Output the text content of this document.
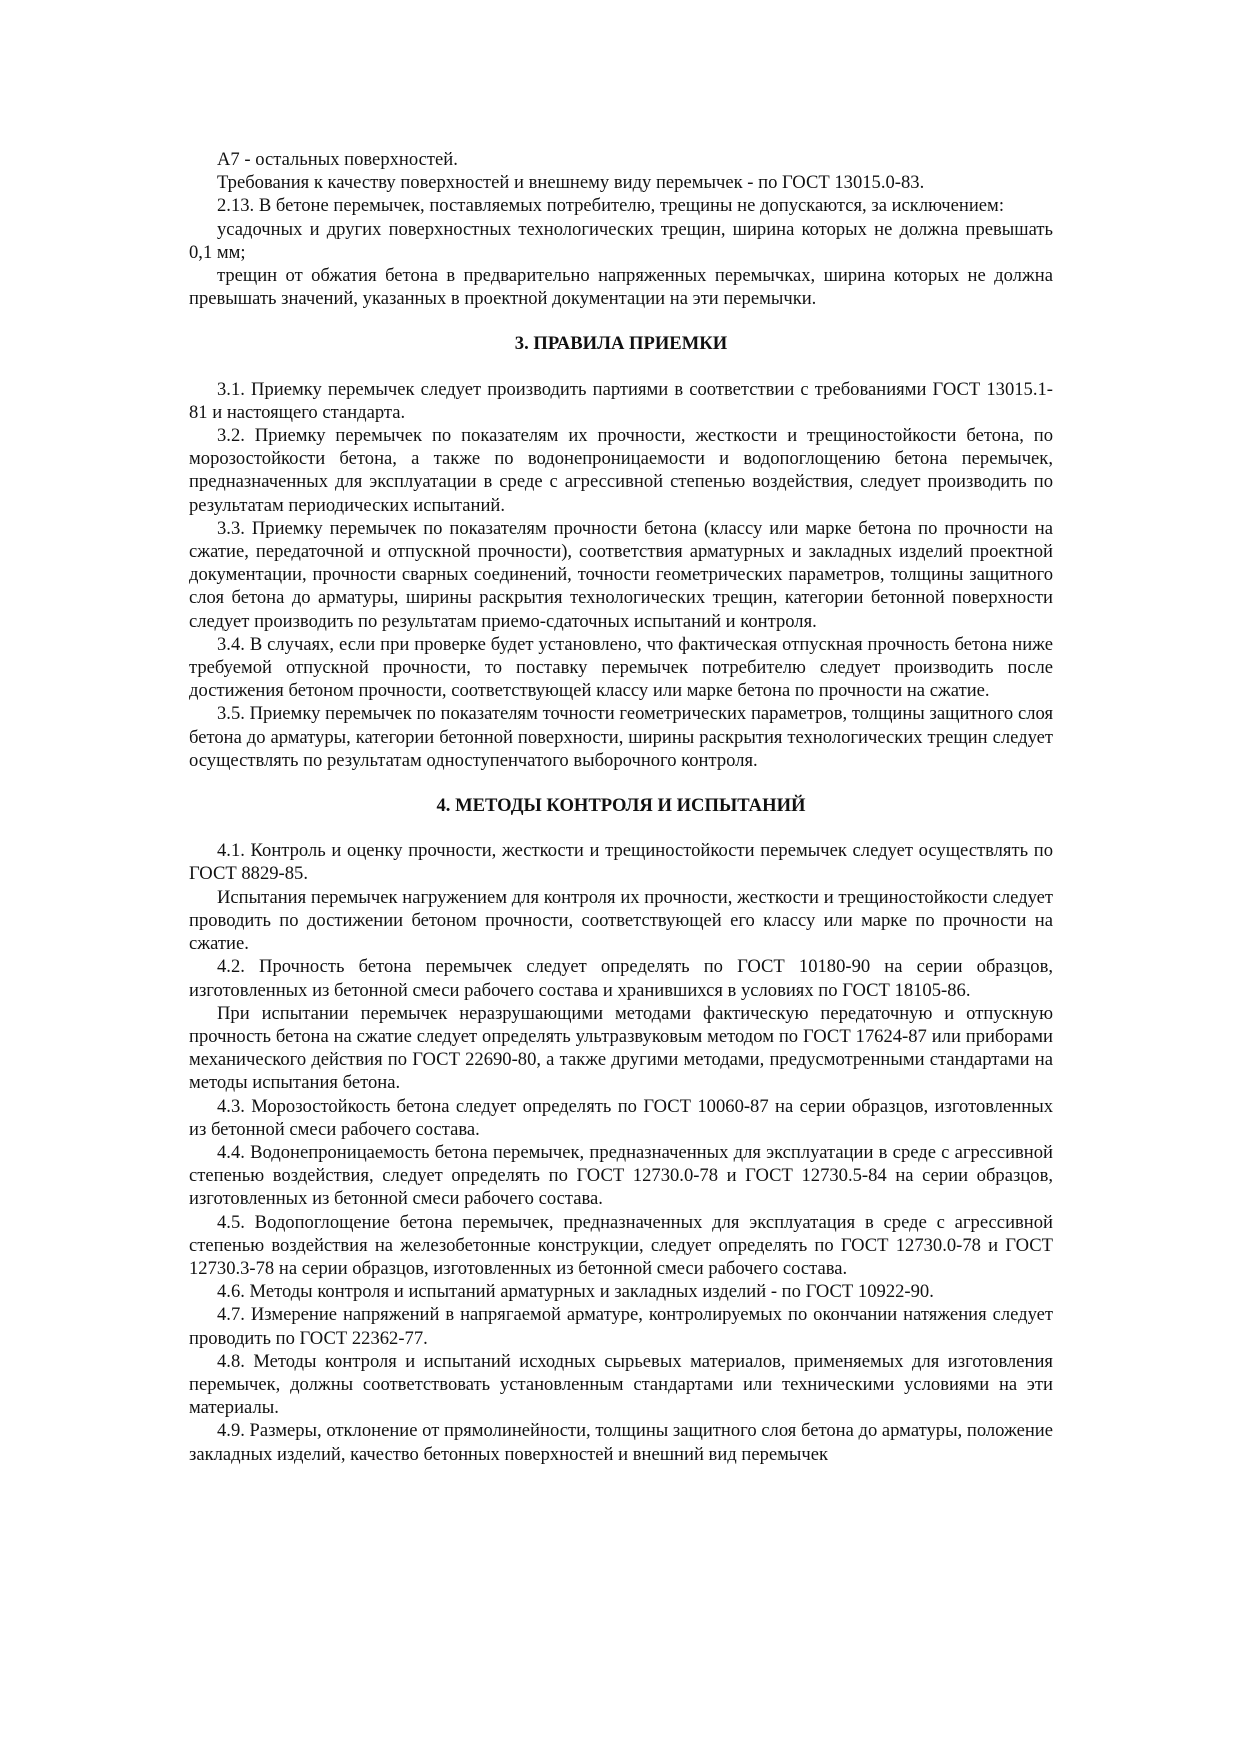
А7 - остальных поверхностей.

Требования к качеству поверхностей и внешнему виду перемычек - по ГОСТ 13015.0-83.

2.13. В бетоне перемычек, поставляемых потребителю, трещины не допускаются, за исключением:

усадочных и других поверхностных технологических трещин, ширина которых не должна превышать 0,1 мм;

трещин от обжатия бетона в предварительно напряженных перемычках, ширина которых не должна превышать значений, указанных в проектной документации на эти перемычки.

3. ПРАВИЛА ПРИЕМКИ

3.1. Приемку перемычек следует производить партиями в соответствии с требованиями ГОСТ 13015.1-81 и настоящего стандарта.

3.2. Приемку перемычек по показателям их прочности, жесткости и трещиностойкости бетона, по морозостойкости бетона, а также по водонепроницаемости и водопоглощению бетона перемычек, предназначенных для эксплуатации в среде с агрессивной степенью воздействия, следует производить по результатам периодических испытаний.

3.3. Приемку перемычек по показателям прочности бетона (классу или марке бетона по прочности на сжатие, передаточной и отпускной прочности), соответствия арматурных и закладных изделий проектной документации, прочности сварных соединений, точности геометрических параметров, толщины защитного слоя бетона до арматуры, ширины раскрытия технологических трещин, категории бетонной поверхности следует производить по результатам приемо-сдаточных испытаний и контроля.

3.4. В случаях, если при проверке будет установлено, что фактическая отпускная прочность бетона ниже требуемой отпускной прочности, то поставку перемычек потребителю следует производить после достижения бетоном прочности, соответствующей классу или марке бетона по прочности на сжатие.

3.5. Приемку перемычек по показателям точности геометрических параметров, толщины защитного слоя бетона до арматуры, категории бетонной поверхности, ширины раскрытия технологических трещин следует осуществлять по результатам одноступенчатого выборочного контроля.

4. МЕТОДЫ КОНТРОЛЯ И ИСПЫТАНИЙ

4.1. Контроль и оценку прочности, жесткости и трещиностойкости перемычек следует осуществлять по ГОСТ 8829-85.

Испытания перемычек нагружением для контроля их прочности, жесткости и трещиностойкости следует проводить по достижении бетоном прочности, соответствующей его классу или марке по прочности на сжатие.

4.2. Прочность бетона перемычек следует определять по ГОСТ 10180-90 на серии образцов, изготовленных из бетонной смеси рабочего состава и хранившихся в условиях по ГОСТ 18105-86.

При испытании перемычек неразрушающими методами фактическую передаточную и отпускную прочность бетона на сжатие следует определять ультразвуковым методом по ГОСТ 17624-87 или приборами механического действия по ГОСТ 22690-80, а также другими методами, предусмотренными стандартами на методы испытания бетона.

4.3. Морозостойкость бетона следует определять по ГОСТ 10060-87 на серии образцов, изготовленных из бетонной смеси рабочего состава.

4.4. Водонепроницаемость бетона перемычек, предназначенных для эксплуатации в среде с агрессивной степенью воздействия, следует определять по ГОСТ 12730.0-78 и ГОСТ 12730.5-84 на серии образцов, изготовленных из бетонной смеси рабочего состава.

4.5. Водопоглощение бетона перемычек, предназначенных для эксплуатация в среде с агрессивной степенью воздействия на железобетонные конструкции, следует определять по ГОСТ 12730.0-78 и ГОСТ 12730.3-78 на серии образцов, изготовленных из бетонной смеси рабочего состава.

4.6. Методы контроля и испытаний арматурных и закладных изделий - по ГОСТ 10922-90.

4.7. Измерение напряжений в напрягаемой арматуре, контролируемых по окончании натяжения следует проводить по ГОСТ 22362-77.

4.8. Методы контроля и испытаний исходных сырьевых материалов, применяемых для изготовления перемычек, должны соответствовать установленным стандартами или техническими условиями на эти материалы.

4.9. Размеры, отклонение от прямолинейности, толщины защитного слоя бетона до арматуры, положение закладных изделий, качество бетонных поверхностей и внешний вид перемычек
